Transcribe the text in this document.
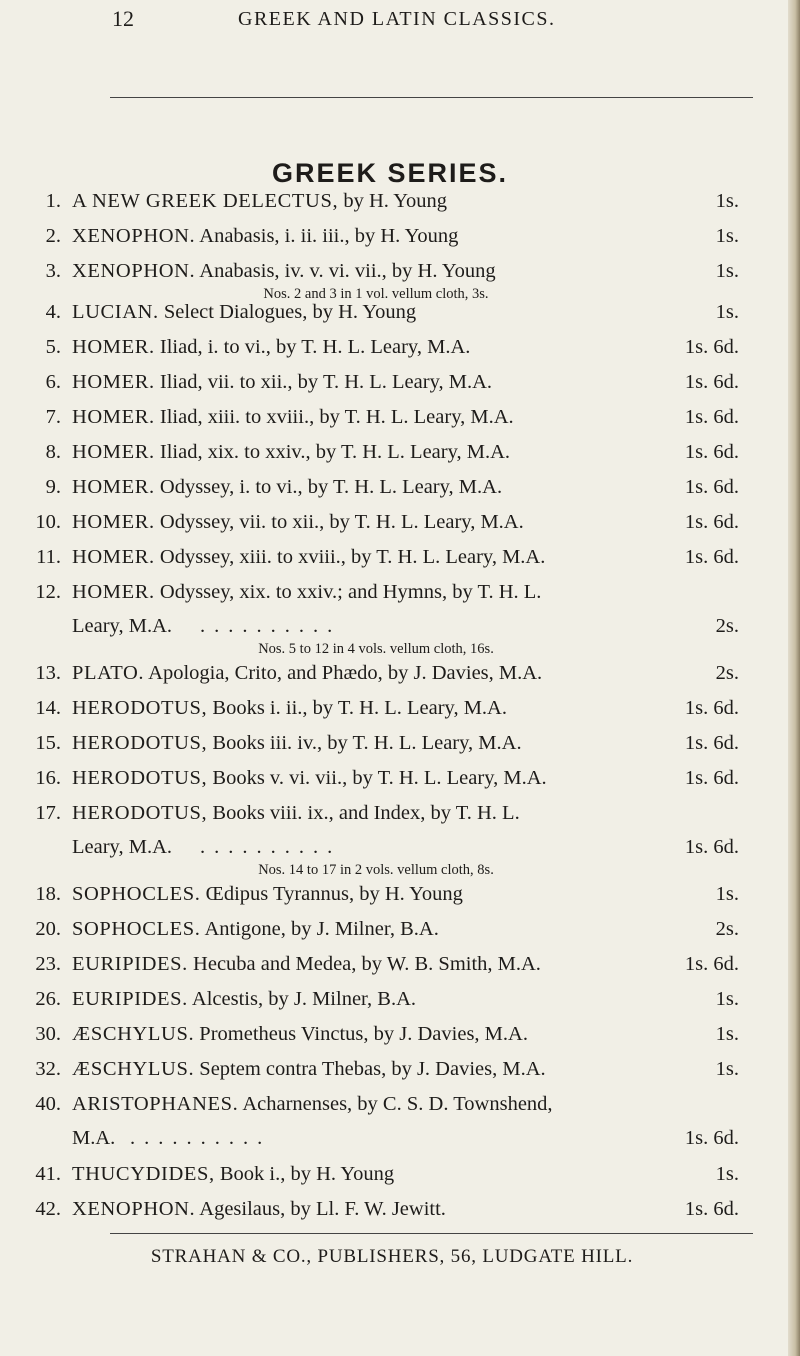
12	GREEK AND LATIN CLASSICS.
GREEK SERIES.
1. A NEW GREEK DELECTUS, by H. Young	1s.
2. XENOPHON. Anabasis, i. ii. iii., by H. Young	1s.
3. XENOPHON. Anabasis, iv. v. vi. vii., by H. Young	1s.
Nos. 2 and 3 in 1 vol. vellum cloth, 3s.
4. LUCIAN. Select Dialogues, by H. Young	1s.
5. HOMER. Iliad, i. to vi., by T. H. L. Leary, M.A.	1s. 6d.
6. HOMER. Iliad, vii. to xii., by T. H. L. Leary, M.A.	1s. 6d.
7. HOMER. Iliad, xiii. to xviii., by T. H. L. Leary, M.A.	1s. 6d.
8. HOMER. Iliad, xix. to xxiv., by T. H. L. Leary, M.A.	1s. 6d.
9. HOMER. Odyssey, i. to vi., by T. H. L. Leary, M.A.	1s. 6d.
10. HOMER. Odyssey, vii. to xii., by T. H. L. Leary, M.A.	1s. 6d.
11. HOMER. Odyssey, xiii. to xviii., by T. H. L. Leary, M.A.	1s. 6d.
12. HOMER. Odyssey, xix. to xxiv.; and Hymns, by T. H. L.
Leary, M.A. ..........	2s.
Nos. 5 to 12 in 4 vols. vellum cloth, 16s.
13. PLATO. Apologia, Crito, and Phædo, by J. Davies, M.A.	2s.
14. HERODOTUS, Books i. ii., by T. H. L. Leary, M.A.	1s. 6d.
15. HERODOTUS, Books iii. iv., by T. H. L. Leary, M.A.	1s. 6d.
16. HERODOTUS, Books v. vi. vii., by T. H. L. Leary, M.A.	1s. 6d.
17. HERODOTUS, Books viii. ix., and Index, by T. H. L.
Leary, M.A. ..........	1s. 6d.
Nos. 14 to 17 in 2 vols. vellum cloth, 8s.
18. SOPHOCLES. Œdipus Tyrannus, by H. Young	1s.
20. SOPHOCLES. Antigone, by J. Milner, B.A.	2s.
23. EURIPIDES. Hecuba and Medea, by W. B. Smith, M.A.	1s. 6d.
26. EURIPIDES. Alcestis, by J. Milner, B.A.	1s.
30. ÆSCHYLUS. Prometheus Vinctus, by J. Davies, M.A.	1s.
32. ÆSCHYLUS. Septem contra Thebas, by J. Davies, M.A.	1s.
40. ARISTOPHANES. Acharnenses, by C. S. D. Townshend,
M.A. ..........	1s. 6d.
41. THUCYDIDES, Book i., by H. Young	1s.
42. XENOPHON. Agesilaus, by Ll. F. W. Jewitt.	1s. 6d.
STRAHAN & CO., PUBLISHERS, 56, LUDGATE HILL.
